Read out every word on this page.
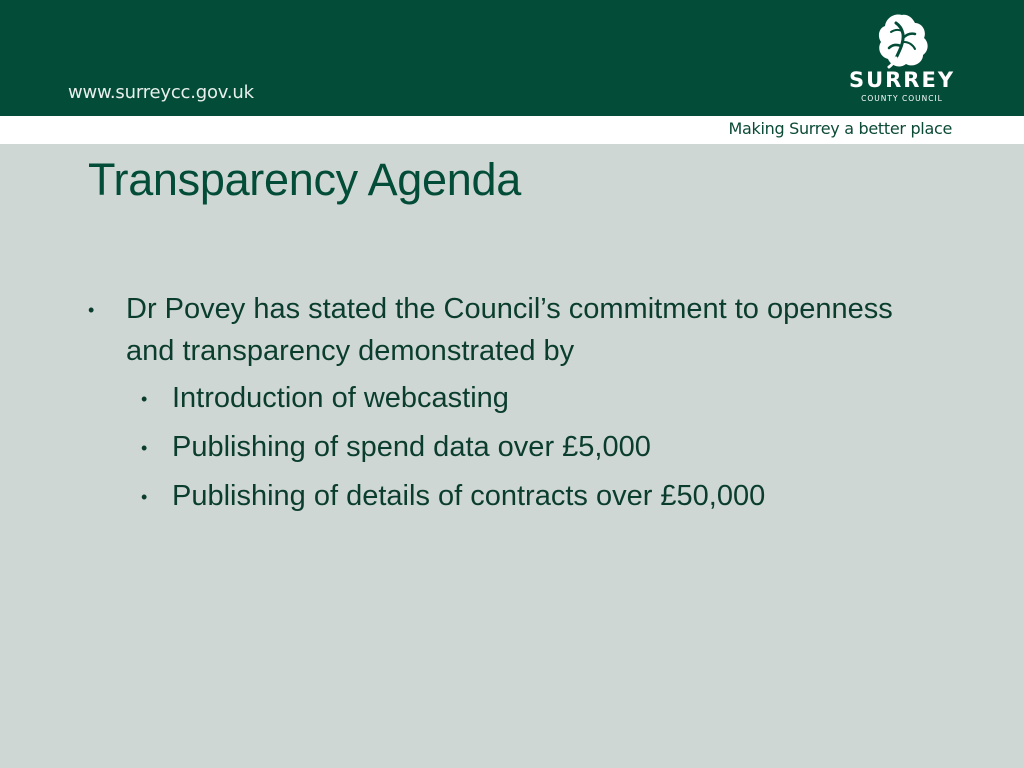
www.surreycc.gov.uk
SURREY
COUNTY COUNCIL
Making Surrey a better place
Transparency Agenda
• Dr Povey has stated the Council’s commitment to openness and transparency demonstrated by
• Introduction of webcasting
• Publishing of spend data over £5,000
• Publishing of details of contracts over £50,000
